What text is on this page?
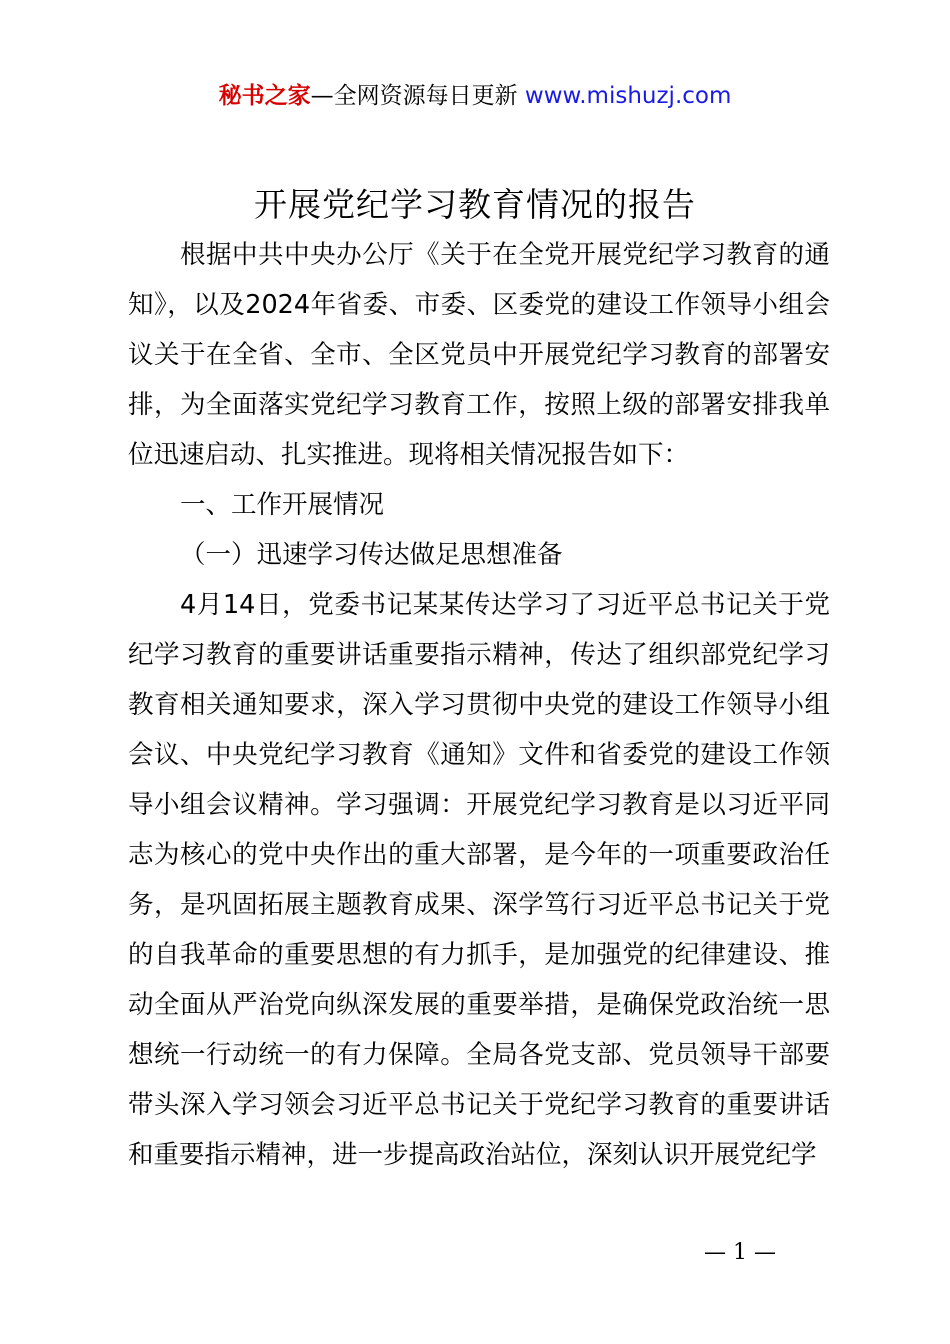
秘书之家—全网资源每日更新 www.mishuzj.com
开展党纪学习教育情况的报告

根据中共中央办公厅《关于在全党开展党纪学习教育的通知》，以及2024年省委、市委、区委党的建设工作领导小组会议关于在全省、全市、全区党员中开展党纪学习教育的部署安排，为全面落实党纪学习教育工作，按照上级的部署安排我单位迅速启动、扎实推进。现将相关情况报告如下：

一、工作开展情况

（一）迅速学习传达做足思想准备

4月14日，党委书记某某传达学习了习近平总书记关于党纪学习教育的重要讲话重要指示精神，传达了组织部党纪学习教育相关通知要求，深入学习贯彻中央党的建设工作领导小组会议、中央党纪学习教育《通知》文件和省委党的建设工作领导小组会议精神。学习强调：开展党纪学习教育是以习近平同志为核心的党中央作出的重大部署，是今年的一项重要政治任务，是巩固拓展主题教育成果、深学笃行习近平总书记关于党的自我革命的重要思想的有力抓手，是加强党的纪律建设、推动全面从严治党向纵深发展的重要举措，是确保党政治统一思想统一行动统一的有力保障。全局各党支部、党员领导干部要带头深入学习领会习近平总书记关于党纪学习教育的重要讲话和重要指示精神，进一步提高政治站位，深刻认识开展党纪学

— 1 —
